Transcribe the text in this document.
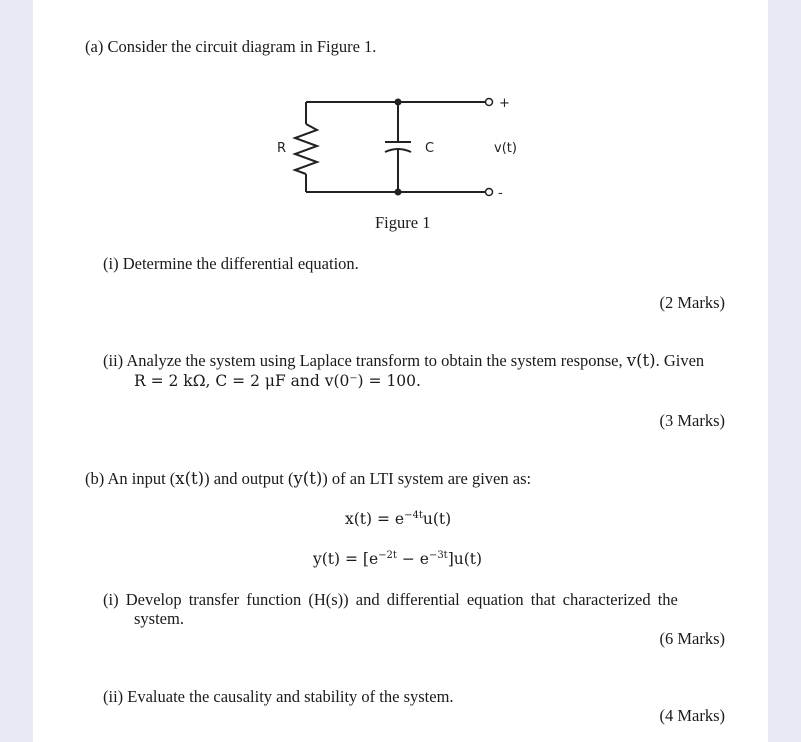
(a) Consider the circuit diagram in Figure 1.
+
-
R	C	v(t)
Figure 1
(i) Determine the differential equation.
(2 Marks)
(ii) Analyze the system using Laplace transform to obtain the system response, v(t). Given
R = 2 kΩ, C = 2 μF and v(0⁻) = 100.
(3 Marks)
(b) An input (x(t)) and output (y(t)) of an LTI system are given as:
$x(t) = e^{-4t}u(t)$
$y(t) = [e^{-2t} - e^{-3t}]u(t)$
(i) Develop transfer function (H(s)) and differential equation that characterized the
system.
(6 Marks)
(ii) Evaluate the causality and stability of the system.
(4 Marks)
